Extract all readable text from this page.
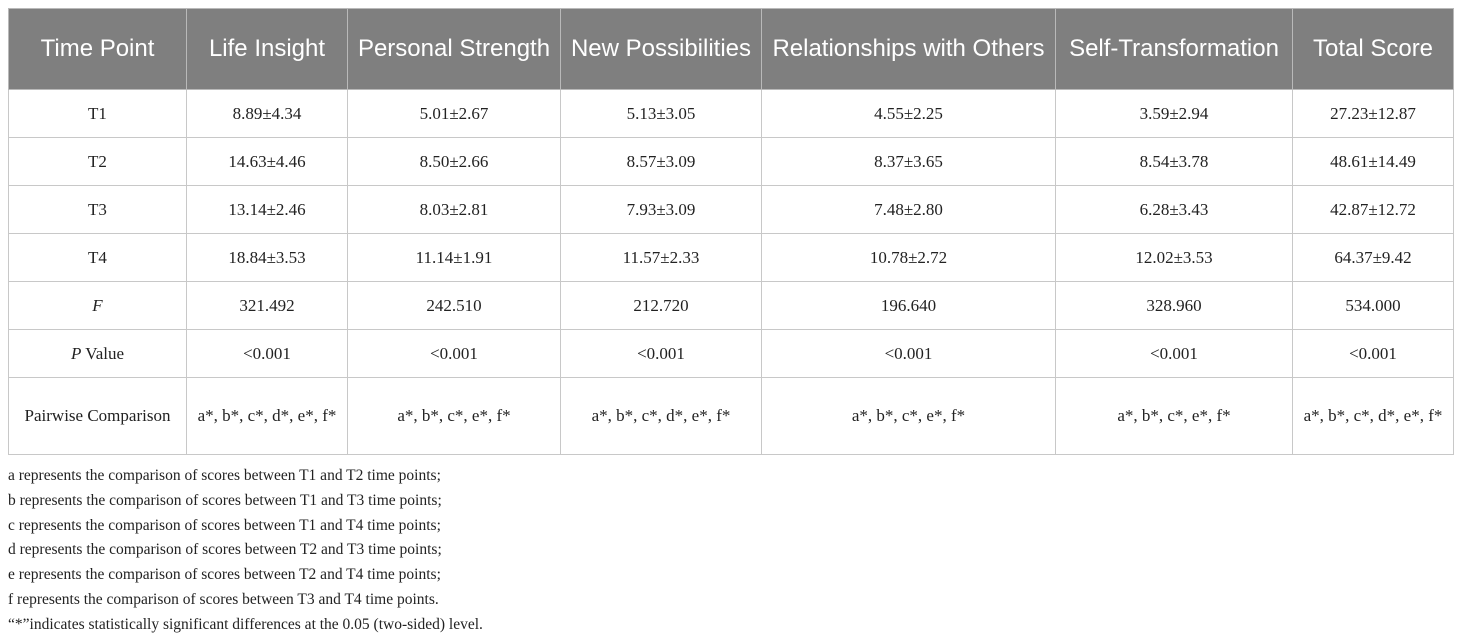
Time Point	Life Insight	Personal Strength	New Possibilities	Relationships with Others	Self-Transformation	Total Score
T1	8.89±4.34	5.01±2.67	5.13±3.05	4.55±2.25	3.59±2.94	27.23±12.87
T2	14.63±4.46	8.50±2.66	8.57±3.09	8.37±3.65	8.54±3.78	48.61±14.49
T3	13.14±2.46	8.03±2.81	7.93±3.09	7.48±2.80	6.28±3.43	42.87±12.72
T4	18.84±3.53	11.14±1.91	11.57±2.33	10.78±2.72	12.02±3.53	64.37±9.42
F	321.492	242.510	212.720	196.640	328.960	534.000
P Value	<0.001	<0.001	<0.001	<0.001	<0.001	<0.001
Pairwise Comparison	a*, b*, c*, d*, e*, f*	a*, b*, c*, e*, f*	a*, b*, c*, d*, e*, f*	a*, b*, c*, e*, f*	a*, b*, c*, e*, f*	a*, b*, c*, d*, e*, f*
a represents the comparison of scores between T1 and T2 time points;
b represents the comparison of scores between T1 and T3 time points;
c represents the comparison of scores between T1 and T4 time points;
d represents the comparison of scores between T2 and T3 time points;
e represents the comparison of scores between T2 and T4 time points;
f represents the comparison of scores between T3 and T4 time points.
“*”indicates statistically significant differences at the 0.05 (two-sided) level.
